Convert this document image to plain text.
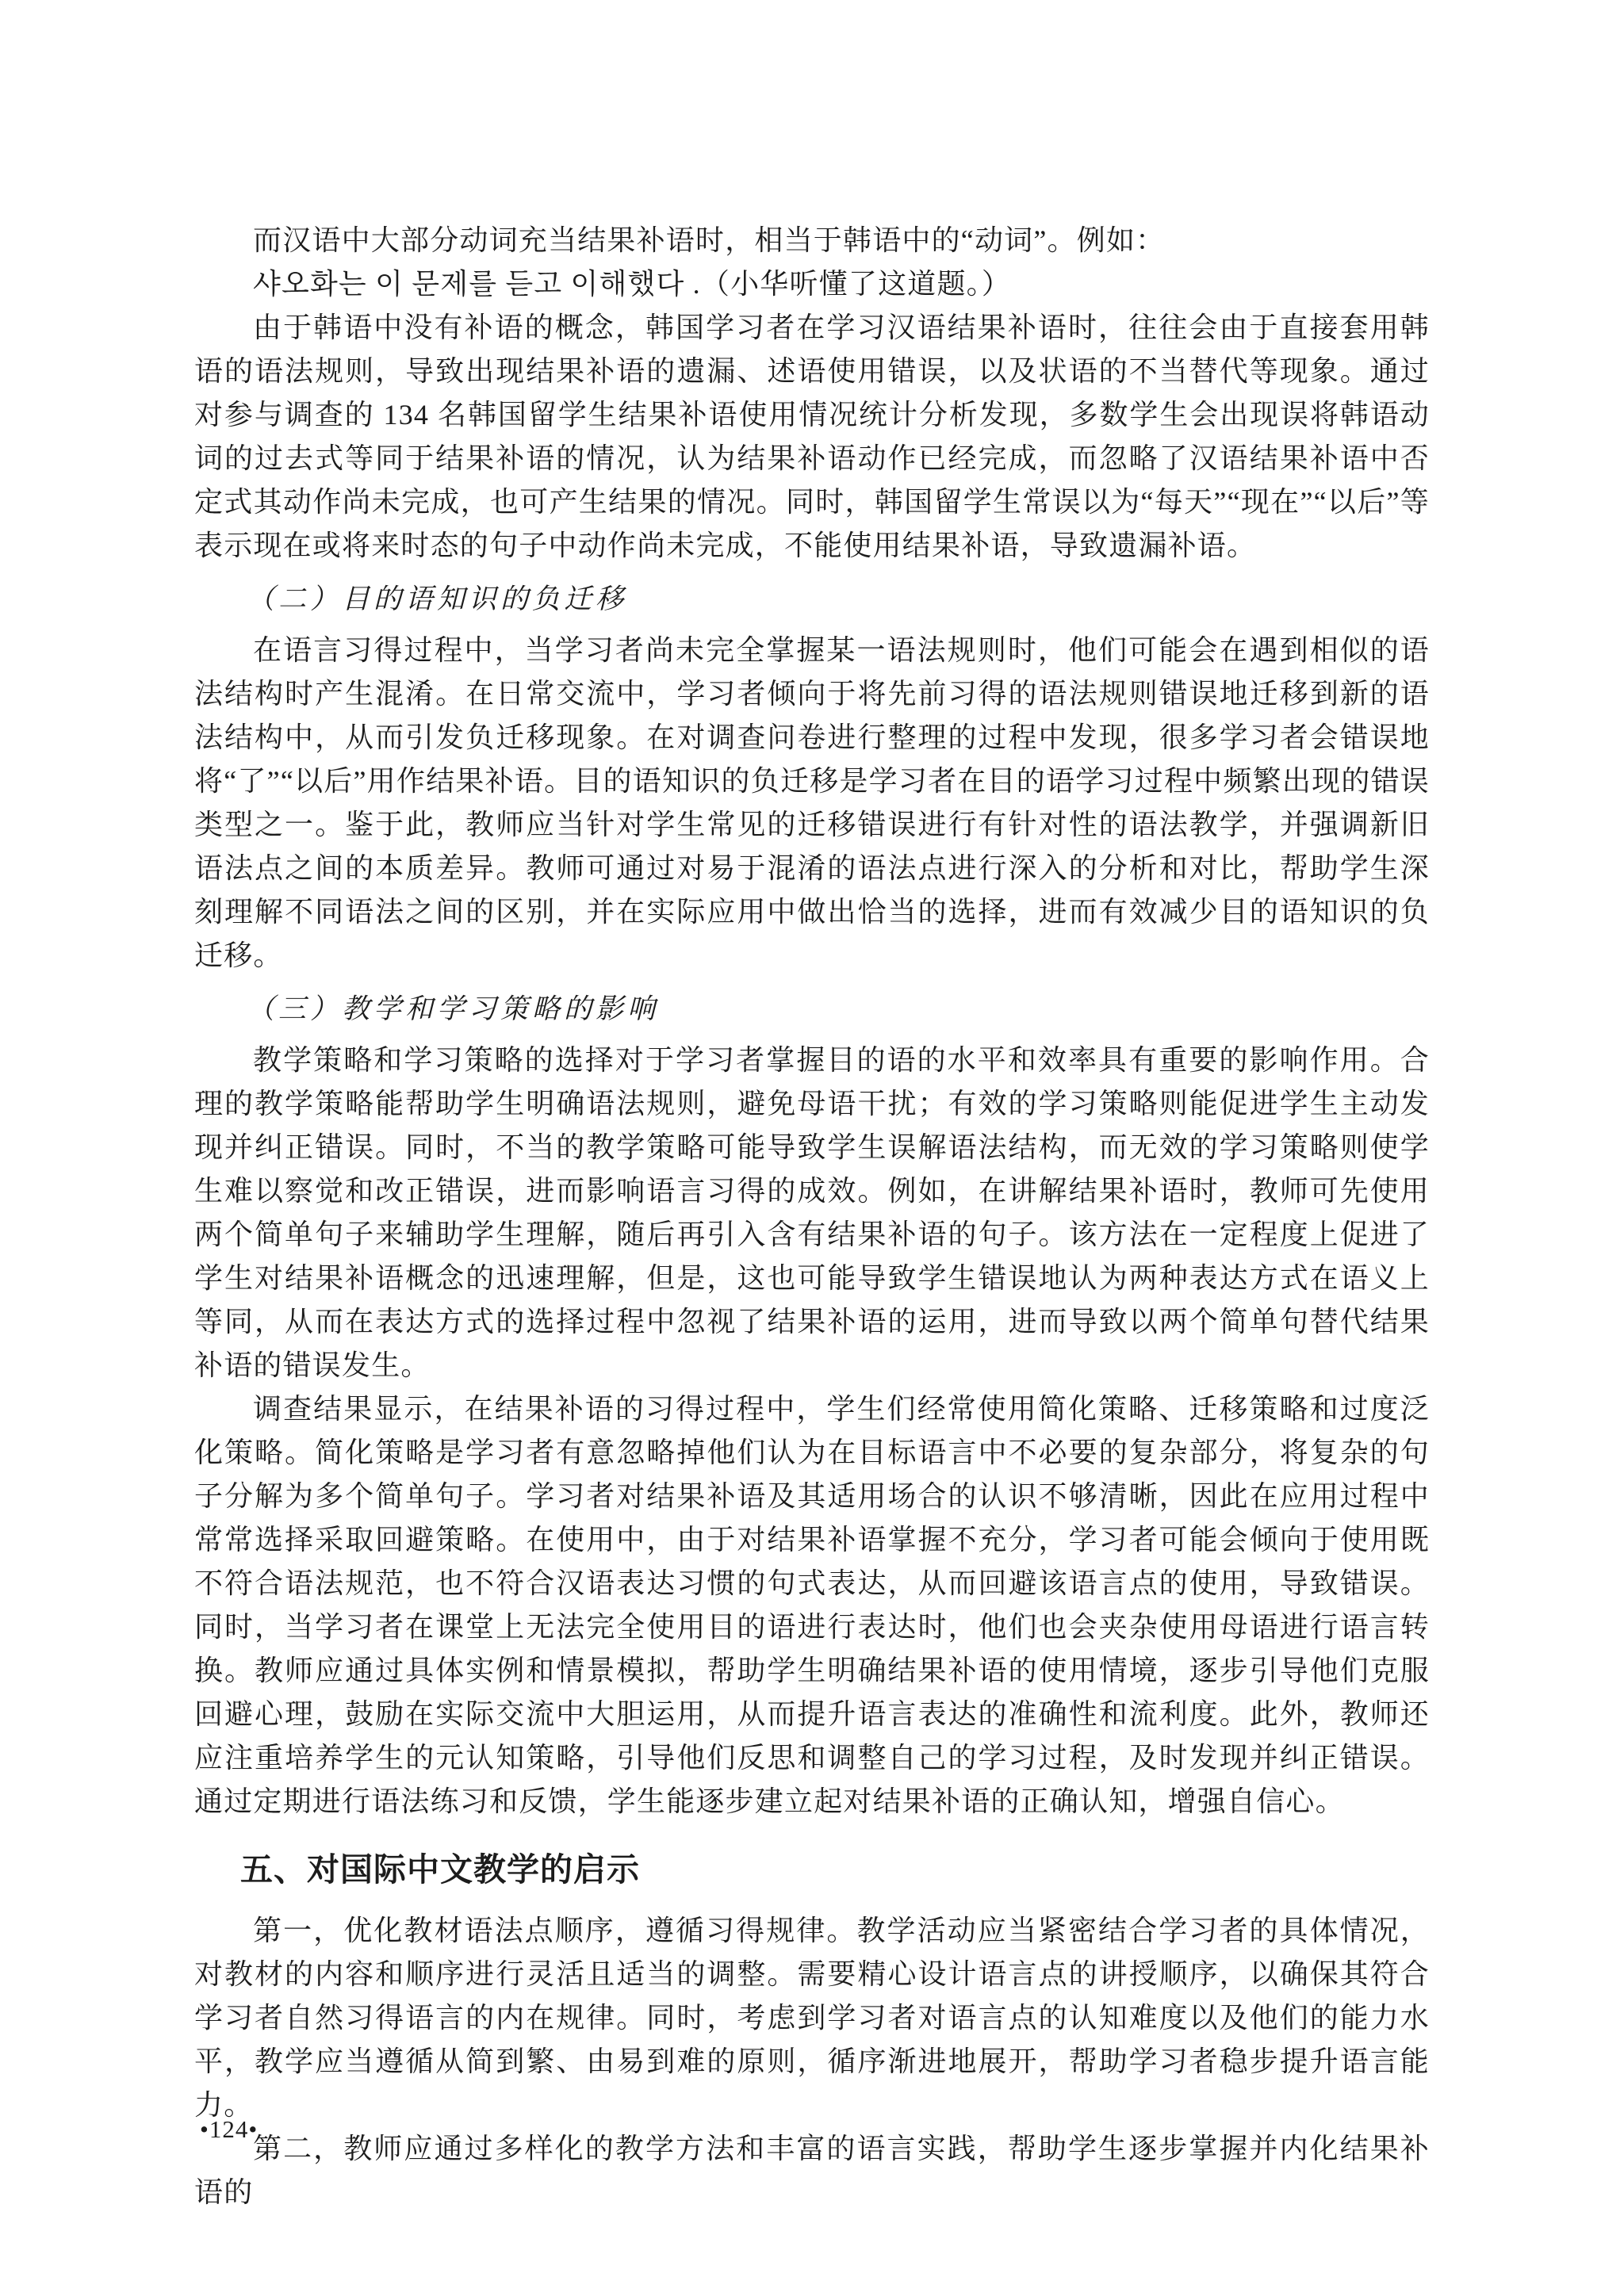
而汉语中大部分动词充当结果补语时，相当于韩语中的“动词”。例如：

샤오화는 이 문제를 듣고 이해했다 .（小华听懂了这道题。）

由于韩语中没有补语的概念，韩国学习者在学习汉语结果补语时，往往会由于直接套用韩语的语法规则，导致出现结果补语的遗漏、述语使用错误，以及状语的不当替代等现象。通过对参与调查的 134 名韩国留学生结果补语使用情况统计分析发现，多数学生会出现误将韩语动词的过去式等同于结果补语的情况，认为结果补语动作已经完成，而忽略了汉语结果补语中否定式其动作尚未完成，也可产生结果的情况。同时，韩国留学生常误以为“每天”“现在”“以后”等表示现在或将来时态的句子中动作尚未完成，不能使用结果补语，导致遗漏补语。

（二）目的语知识的负迁移

在语言习得过程中，当学习者尚未完全掌握某一语法规则时，他们可能会在遇到相似的语法结构时产生混淆。在日常交流中，学习者倾向于将先前习得的语法规则错误地迁移到新的语法结构中，从而引发负迁移现象。在对调查问卷进行整理的过程中发现，很多学习者会错误地将“了”“以后”用作结果补语。目的语知识的负迁移是学习者在目的语学习过程中频繁出现的错误类型之一。鉴于此，教师应当针对学生常见的迁移错误进行有针对性的语法教学，并强调新旧语法点之间的本质差异。教师可通过对易于混淆的语法点进行深入的分析和对比，帮助学生深刻理解不同语法之间的区别，并在实际应用中做出恰当的选择，进而有效减少目的语知识的负迁移。

（三）教学和学习策略的影响

教学策略和学习策略的选择对于学习者掌握目的语的水平和效率具有重要的影响作用。合理的教学策略能帮助学生明确语法规则，避免母语干扰；有效的学习策略则能促进学生主动发现并纠正错误。同时，不当的教学策略可能导致学生误解语法结构，而无效的学习策略则使学生难以察觉和改正错误，进而影响语言习得的成效。例如，在讲解结果补语时，教师可先使用两个简单句子来辅助学生理解，随后再引入含有结果补语的句子。该方法在一定程度上促进了学生对结果补语概念的迅速理解，但是，这也可能导致学生错误地认为两种表达方式在语义上等同，从而在表达方式的选择过程中忽视了结果补语的运用，进而导致以两个简单句替代结果补语的错误发生。

调查结果显示，在结果补语的习得过程中，学生们经常使用简化策略、迁移策略和过度泛化策略。简化策略是学习者有意忽略掉他们认为在目标语言中不必要的复杂部分，将复杂的句子分解为多个简单句子。学习者对结果补语及其适用场合的认识不够清晰，因此在应用过程中常常选择采取回避策略。在使用中，由于对结果补语掌握不充分，学习者可能会倾向于使用既不符合语法规范，也不符合汉语表达习惯的句式表达，从而回避该语言点的使用，导致错误。同时，当学习者在课堂上无法完全使用目的语进行表达时，他们也会夹杂使用母语进行语言转换。教师应通过具体实例和情景模拟，帮助学生明确结果补语的使用情境，逐步引导他们克服回避心理，鼓励在实际交流中大胆运用，从而提升语言表达的准确性和流利度。此外，教师还应注重培养学生的元认知策略，引导他们反思和调整自己的学习过程，及时发现并纠正错误。通过定期进行语法练习和反馈，学生能逐步建立起对结果补语的正确认知，增强自信心。

五、对国际中文教学的启示

第一，优化教材语法点顺序，遵循习得规律。教学活动应当紧密结合学习者的具体情况，对教材的内容和顺序进行灵活且适当的调整。需要精心设计语言点的讲授顺序，以确保其符合学习者自然习得语言的内在规律。同时，考虑到学习者对语言点的认知难度以及他们的能力水平，教学应当遵循从简到繁、由易到难的原则，循序渐进地展开，帮助学习者稳步提升语言能力。

第二，教师应通过多样化的教学方法和丰富的语言实践，帮助学生逐步掌握并内化结果补语的

•124•
